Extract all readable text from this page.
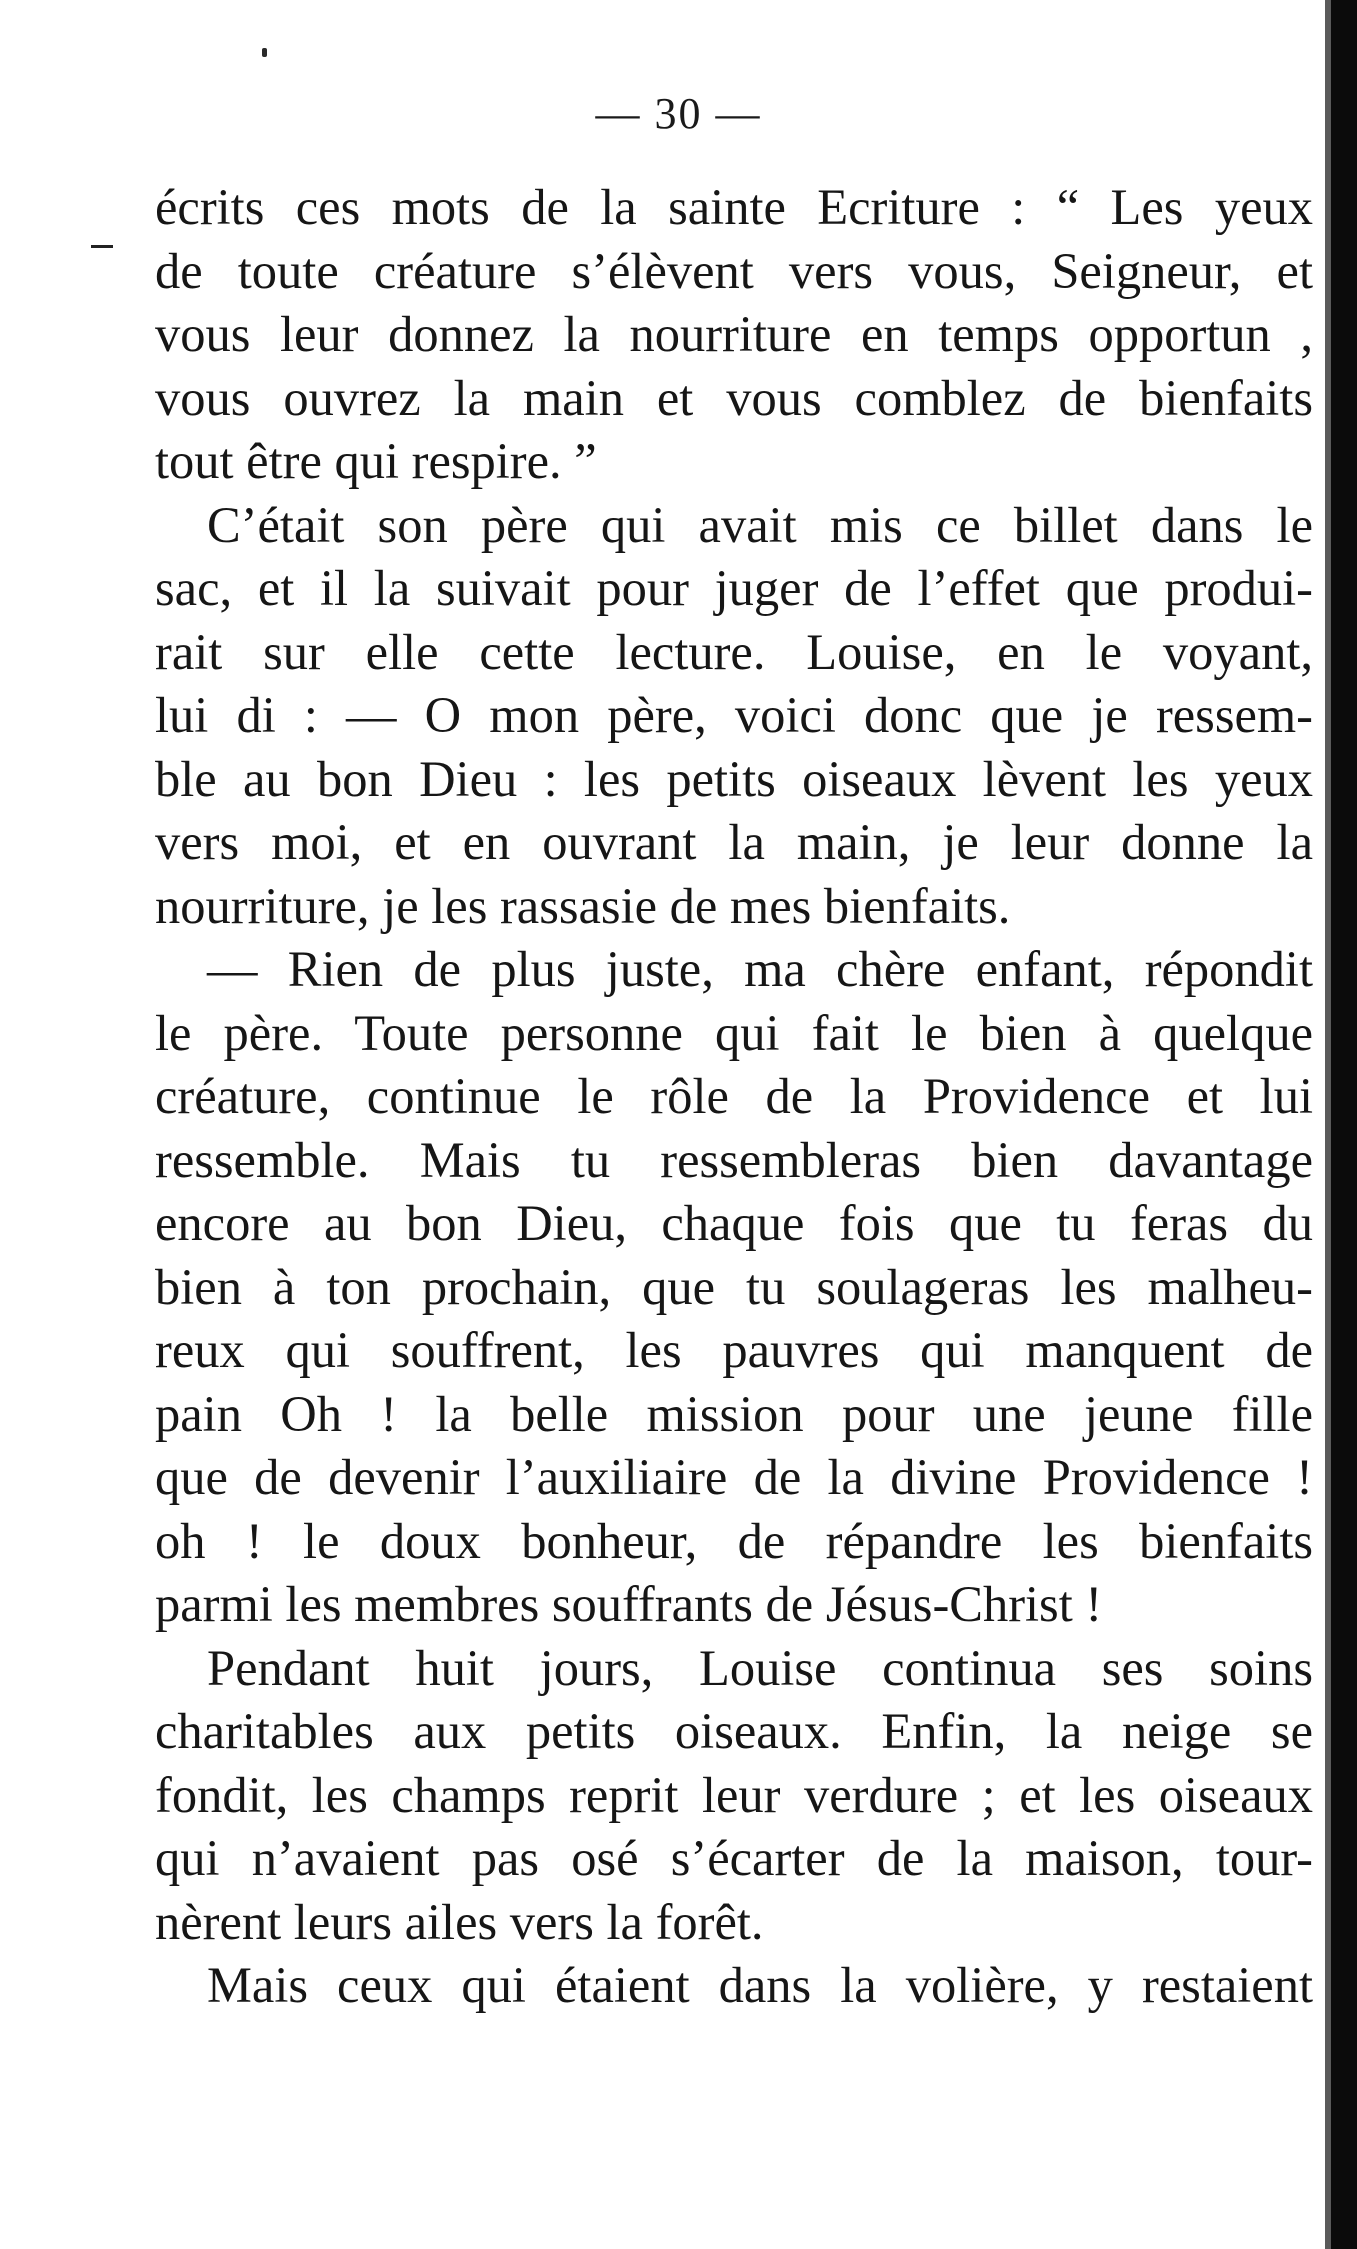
— 30 —
écrits ces mots de la sainte Ecriture : “ Les yeux
de toute créature s’élèvent vers vous, Seigneur, et
vous leur donnez la nourriture en temps opportun ,
vous ouvrez la main et vous comblez de bienfaits
tout être qui respire. ”
C’était son père qui avait mis ce billet dans le
sac, et il la suivait pour juger de l’effet que produi-
rait sur elle cette lecture. Louise, en le voyant,
lui di : — O mon père, voici donc que je ressem-
ble au bon Dieu : les petits oiseaux lèvent les yeux
vers moi, et en ouvrant la main, je leur donne la
nourriture, je les rassasie de mes bienfaits.
— Rien de plus juste, ma chère enfant, répondit
le père. Toute personne qui fait le bien à quelque
créature, continue le rôle de la Providence et lui
ressemble. Mais tu ressembleras bien davantage
encore au bon Dieu, chaque fois que tu feras du
bien à ton prochain, que tu soulageras les malheu-
reux qui souffrent, les pauvres qui manquent de
pain Oh ! la belle mission pour une jeune fille
que de devenir l’auxiliaire de la divine Providence !
oh ! le doux bonheur, de répandre les bienfaits
parmi les membres souffrants de Jésus-Christ !
Pendant huit jours, Louise continua ses soins
charitables aux petits oiseaux. Enfin, la neige se
fondit, les champs reprit leur verdure ; et les oiseaux
qui n’avaient pas osé s’écarter de la maison, tour-
nèrent leurs ailes vers la forêt.
Mais ceux qui étaient dans la volière, y restaient
